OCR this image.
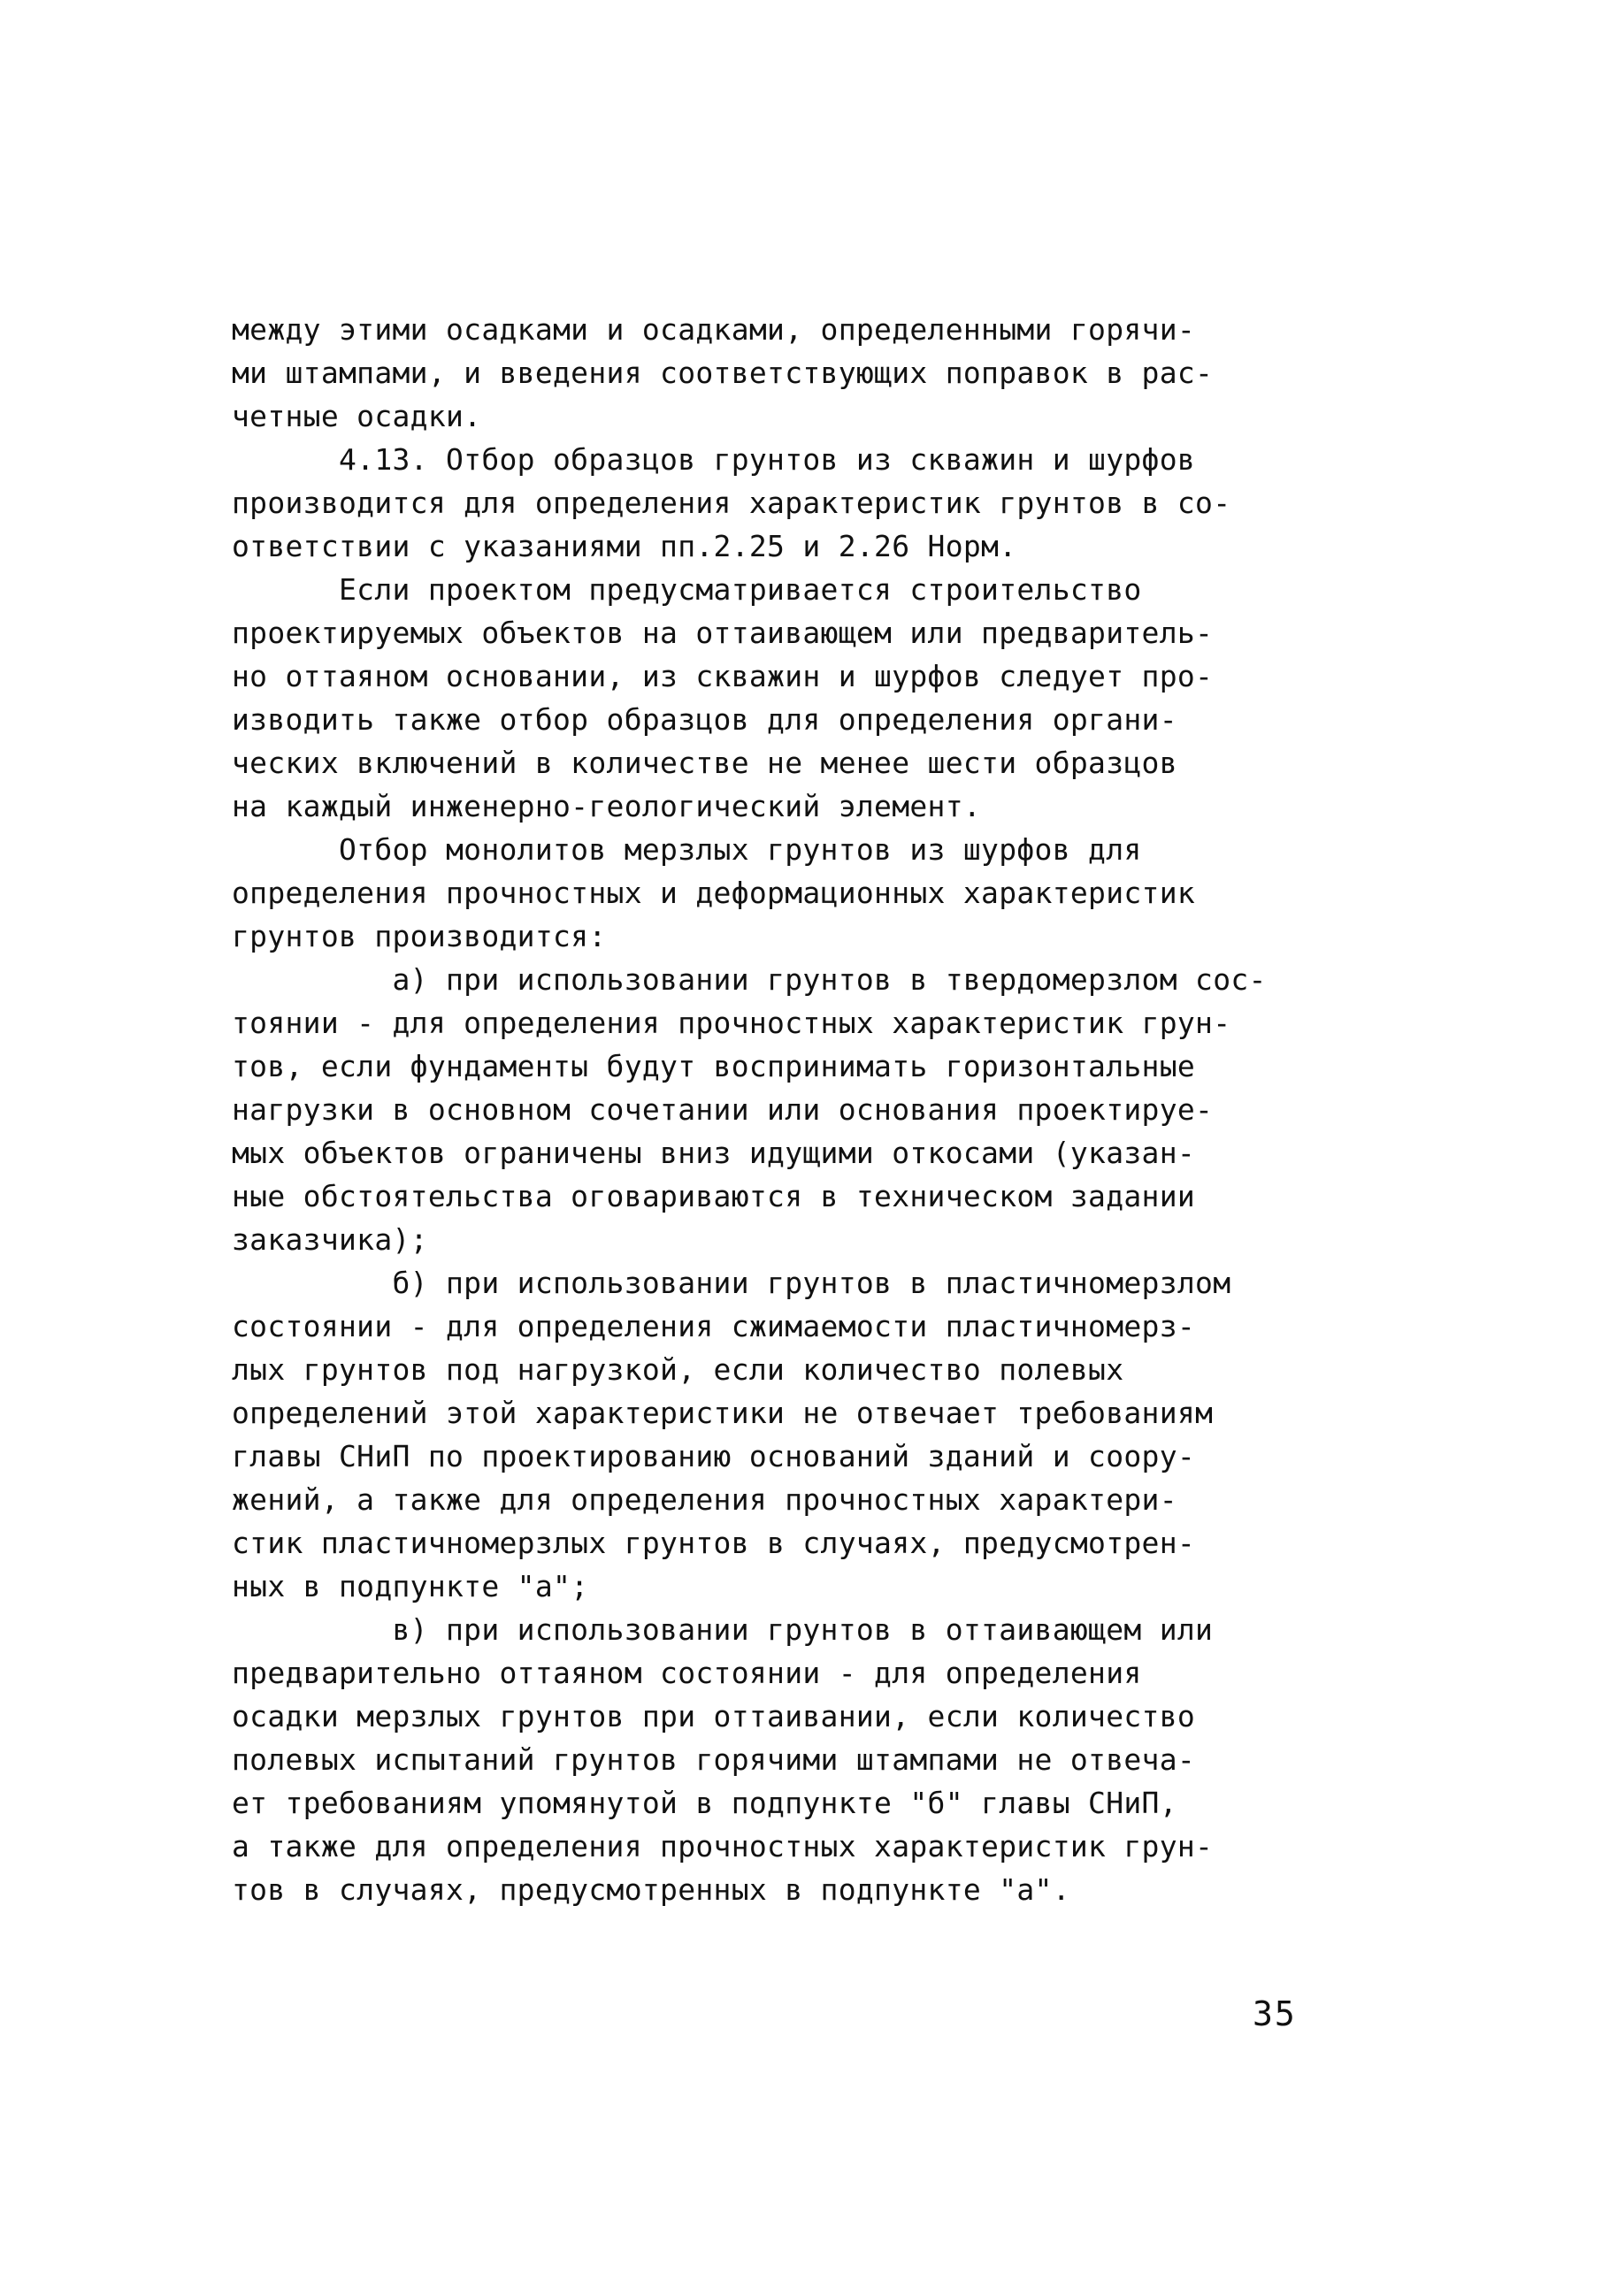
между этими осадками и осадками, определенными горячи-
ми штампами, и введения соответствующих поправок в рас-
четные осадки.
4.13. Отбор образцов грунтов из скважин и шурфов
производится для определения характеристик грунтов в со-
ответствии с указаниями пп.2.25 и 2.26 Норм.
Если проектом предусматривается строительство
проектируемых объектов на оттаивающем или предваритель-
но оттаяном основании, из скважин и шурфов следует про-
изводить также отбор образцов для определения органи-
ческих включений в количестве не менее шести образцов
на каждый инженерно-геологический элемент.
Отбор монолитов мерзлых грунтов из шурфов для
определения прочностных и деформационных характеристик
грунтов производится:
а) при использовании грунтов в твердомерзлом сос-
тоянии - для определения прочностных характеристик грун-
тов, если фундаменты будут воспринимать горизонтальные
нагрузки в основном сочетании или основания проектируе-
мых объектов ограничены вниз идущими откосами (указан-
ные обстоятельства оговариваются в техническом задании
заказчика);
б) при использовании грунтов в пластичномерзлом
состоянии - для определения сжимаемости пластичномерз-
лых грунтов под нагрузкой, если количество полевых
определений этой характеристики не отвечает требованиям
главы СНиП по проектированию оснований зданий и соору-
жений, а также для определения прочностных характери-
стик пластичномерзлых грунтов в случаях, предусмотрен-
ных в подпункте "а";
в) при использовании грунтов в оттаивающем или
предварительно оттаяном состоянии - для определения
осадки мерзлых грунтов при оттаивании, если количество
полевых испытаний грунтов горячими штампами не отвеча-
ет требованиям упомянутой в подпункте "б" главы СНиП,
а также для определения прочностных характеристик грун-
тов в случаях, предусмотренных в подпункте "а".
35
